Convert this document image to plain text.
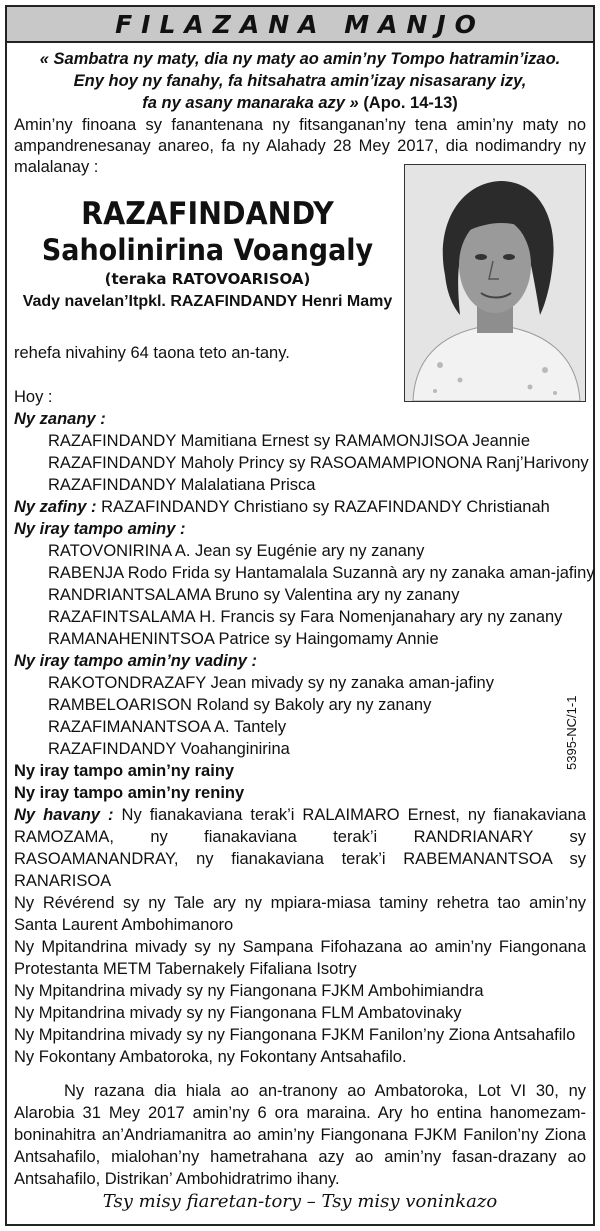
FILAZANA MANJO
« Sambatra ny maty, dia ny maty ao amin’ny Tompo hatramin’izao.
Eny hoy ny fanahy, fa hitsahatra amin’izay nisasarany izy,
fa ny asany manaraka azy » (Apo. 14-13)
Amin’ny finoana sy fanantenana ny fitsanganan’ny tena amin’ny maty no ampandrenesanay anareo, fa ny Alahady 28 Mey 2017, dia nodimandry ny malalanay :
RAZAFINDANDY
Saholinirina Voangaly
(teraka RATOVOARISOA)
Vady navelan’Itpkl. RAZAFINDANDY Henri Mamy
rehefa nivahiny 64 taona teto an-tany.
Hoy :
Ny zanany :
RAZAFINDANDY Mamitiana Ernest sy RAMAMONJISOA Jeannie
RAZAFINDANDY Maholy Princy sy RASOAMAMPIONONA Ranj’Harivony
RAZAFINDANDY Malalatiana Prisca
Ny zafiny : RAZAFINDANDY Christiano sy RAZAFINDANDY Christianah
Ny iray tampo aminy :
RATOVONIRINA A. Jean sy Eugénie ary ny zanany
RABENJA Rodo Frida sy Hantamalala Suzannà ary ny zanaka aman-jafiny
RANDRIANTSALAMA Bruno sy Valentina ary ny zanany
RAZAFINTSALAMA H. Francis sy Fara Nomenjanahary ary ny zanany
RAMANAHENINTSOA Patrice sy Haingomamy Annie
Ny iray tampo amin’ny vadiny :
RAKOTONDRAZAFY Jean mivady sy ny zanaka aman-jafiny
RAMBELOARISON Roland sy Bakoly ary ny zanany
RAZAFIMANANTSOA A. Tantely
RAZAFINDANDY Voahanginirina
Ny iray tampo amin’ny rainy
Ny iray tampo amin’ny reniny
Ny havany : Ny fianakaviana terak’i RALAIMARO Ernest, ny fianakaviana RAMOZAMA, ny fianakaviana terak’i RANDRIANARY sy RASOAMANANDRAY, ny fianakaviana terak’i RABEMANANTSOA sy RANARISOA
5395-NC/1-1
Ny Révérend sy ny Tale ary ny mpiara-miasa taminy rehetra tao amin’ny Santa Laurent Ambohimanoro
Ny Mpitandrina mivady sy ny Sampana Fifohazana ao amin’ny Fiangonana Protestanta METM Tabernakely Fifaliana Isotry
Ny Mpitandrina mivady sy ny Fiangonana FJKM Ambohimiandra
Ny Mpitandrina mivady sy ny Fiangonana FLM Ambatovinaky
Ny Mpitandrina mivady sy ny Fiangonana FJKM Fanilon’ny Ziona Antsahafilo
Ny Fokontany Ambatoroka, ny Fokontany Antsahafilo.
Ny razana dia hiala ao an-tranony ao Ambatoroka, Lot VI 30, ny Alarobia 31 Mey 2017 amin’ny 6 ora maraina. Ary ho entina hanomezam-boninahitra an’Andriamanitra ao amin’ny Fiangonana FJKM Fanilon’ny Ziona Antsahafilo, mialohan’ny hametrahana azy ao amin’ny fasan-drazany ao Antsahafilo, Distrikan’ Ambohidratrimo ihany.
Tsy misy fiaretan-tory – Tsy misy voninkazo
